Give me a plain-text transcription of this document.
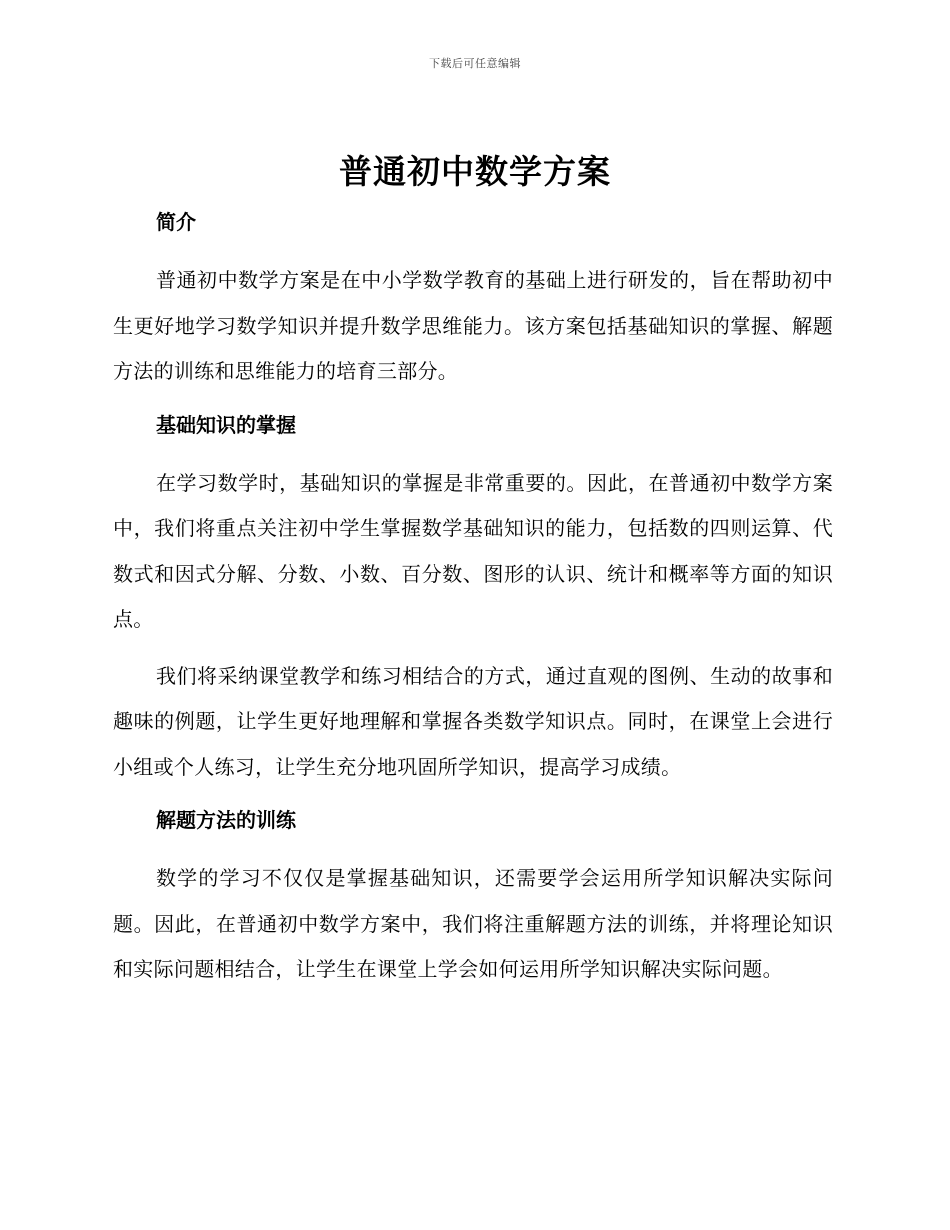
下载后可任意编辑
普通初中数学方案
简介

普通初中数学方案是在中小学数学教育的基础上进行研发的，旨在帮助初中生更好地学习数学知识并提升数学思维能力。该方案包括基础知识的掌握、解题方法的训练和思维能力的培育三部分。

基础知识的掌握

在学习数学时，基础知识的掌握是非常重要的。因此，在普通初中数学方案中，我们将重点关注初中学生掌握数学基础知识的能力，包括数的四则运算、代数式和因式分解、分数、小数、百分数、图形的认识、统计和概率等方面的知识点。

我们将采纳课堂教学和练习相结合的方式，通过直观的图例、生动的故事和趣味的例题，让学生更好地理解和掌握各类数学知识点。同时，在课堂上会进行小组或个人练习，让学生充分地巩固所学知识，提高学习成绩。

解题方法的训练

数学的学习不仅仅是掌握基础知识，还需要学会运用所学知识解决实际问题。因此，在普通初中数学方案中，我们将注重解题方法的训练，并将理论知识和实际问题相结合，让学生在课堂上学会如何运用所学知识解决实际问题。
